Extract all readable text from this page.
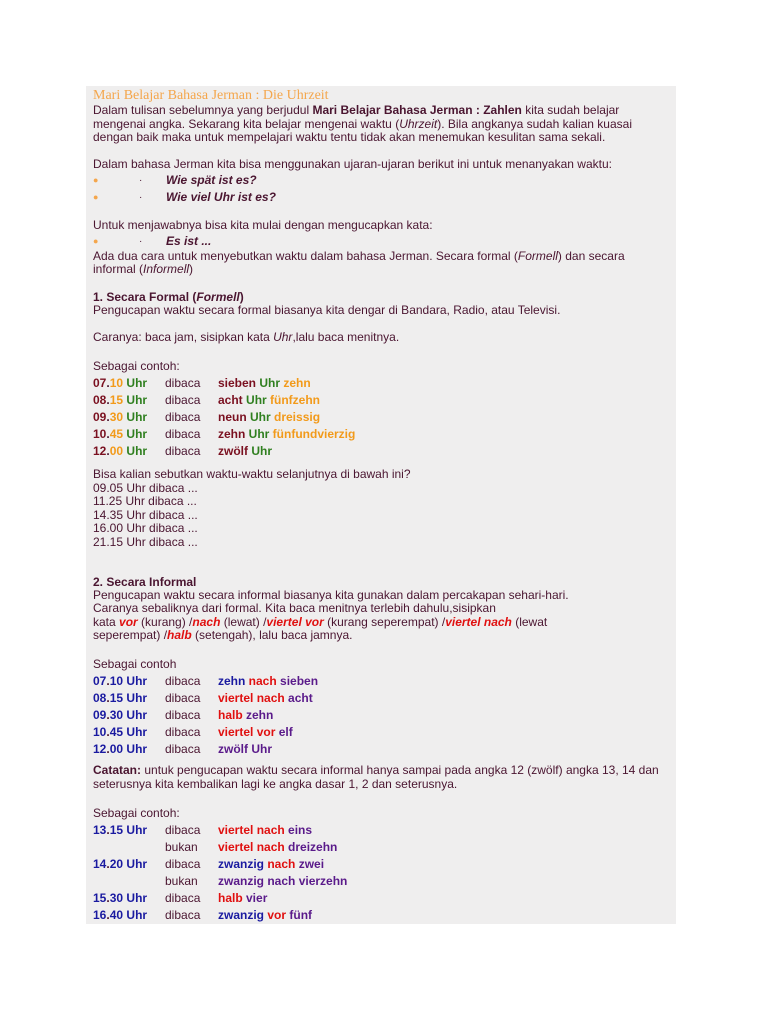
Mari Belajar Bahasa Jerman : Die Uhrzeit
Dalam tulisan sebelumnya yang berjudul Mari Belajar Bahasa Jerman : Zahlen kita sudah belajar
mengenai angka. Sekarang kita belajar mengenai waktu (Uhrzeit). Bila angkanya sudah kalian kuasai
dengan baik maka untuk mempelajari waktu tentu tidak akan menemukan kesulitan sama sekali.
Dalam bahasa Jerman kita bisa menggunakan ujaran-ujaran berikut ini untuk menanyakan waktu:
●	· Wie spät ist es?
●	· Wie viel Uhr ist es?
Untuk menjawabnya bisa kita mulai dengan mengucapkan kata:
●	· Es ist ...
Ada dua cara untuk menyebutkan waktu dalam bahasa Jerman. Secara formal (Formell) dan secara
informal (Informell)
1. Secara Formal (Formell)
Pengucapan waktu secara formal biasanya kita dengar di Bandara, Radio, atau Televisi.
Caranya: baca jam, sisipkan kata Uhr,lalu baca menitnya.
Sebagai contoh:
07.10 Uhr dibaca sieben Uhr zehn
08.15 Uhr dibaca acht Uhr fünfzehn
09.30 Uhr dibaca neun Uhr dreissig
10.45 Uhr dibaca zehn Uhr fünfundvierzig
12.00 Uhr dibaca zwölf Uhr
Bisa kalian sebutkan waktu-waktu selanjutnya di bawah ini?
09.05 Uhr dibaca ...
11.25 Uhr dibaca ...
14.35 Uhr dibaca ...
16.00 Uhr dibaca ...
21.15 Uhr dibaca ...
2. Secara Informal
Pengucapan waktu secara informal biasanya kita gunakan dalam percakapan sehari-hari.
Caranya sebaliknya dari formal. Kita baca menitnya terlebih dahulu,sisipkan
kata vor (kurang) /nach (lewat) /viertel vor (kurang seperempat) /viertel nach (lewat
seperempat) /halb (setengah), lalu baca jamnya.
Sebagai contoh
07.10 Uhr dibaca zehn nach sieben
08.15 Uhr dibaca viertel nach acht
09.30 Uhr dibaca halb zehn
10.45 Uhr dibaca viertel vor elf
12.00 Uhr dibaca zwölf Uhr
Catatan: untuk pengucapan waktu secara informal hanya sampai pada angka 12 (zwölf) angka 13, 14 dan
seterusnya kita kembalikan lagi ke angka dasar 1, 2 dan seterusnya.
Sebagai contoh:
13.15 Uhr dibaca viertel nach eins
bukan viertel nach dreizehn
14.20 Uhr dibaca zwanzig nach zwei
bukan zwanzig nach vierzehn
15.30 Uhr dibaca halb vier
16.40 Uhr dibaca zwanzig vor fünf
